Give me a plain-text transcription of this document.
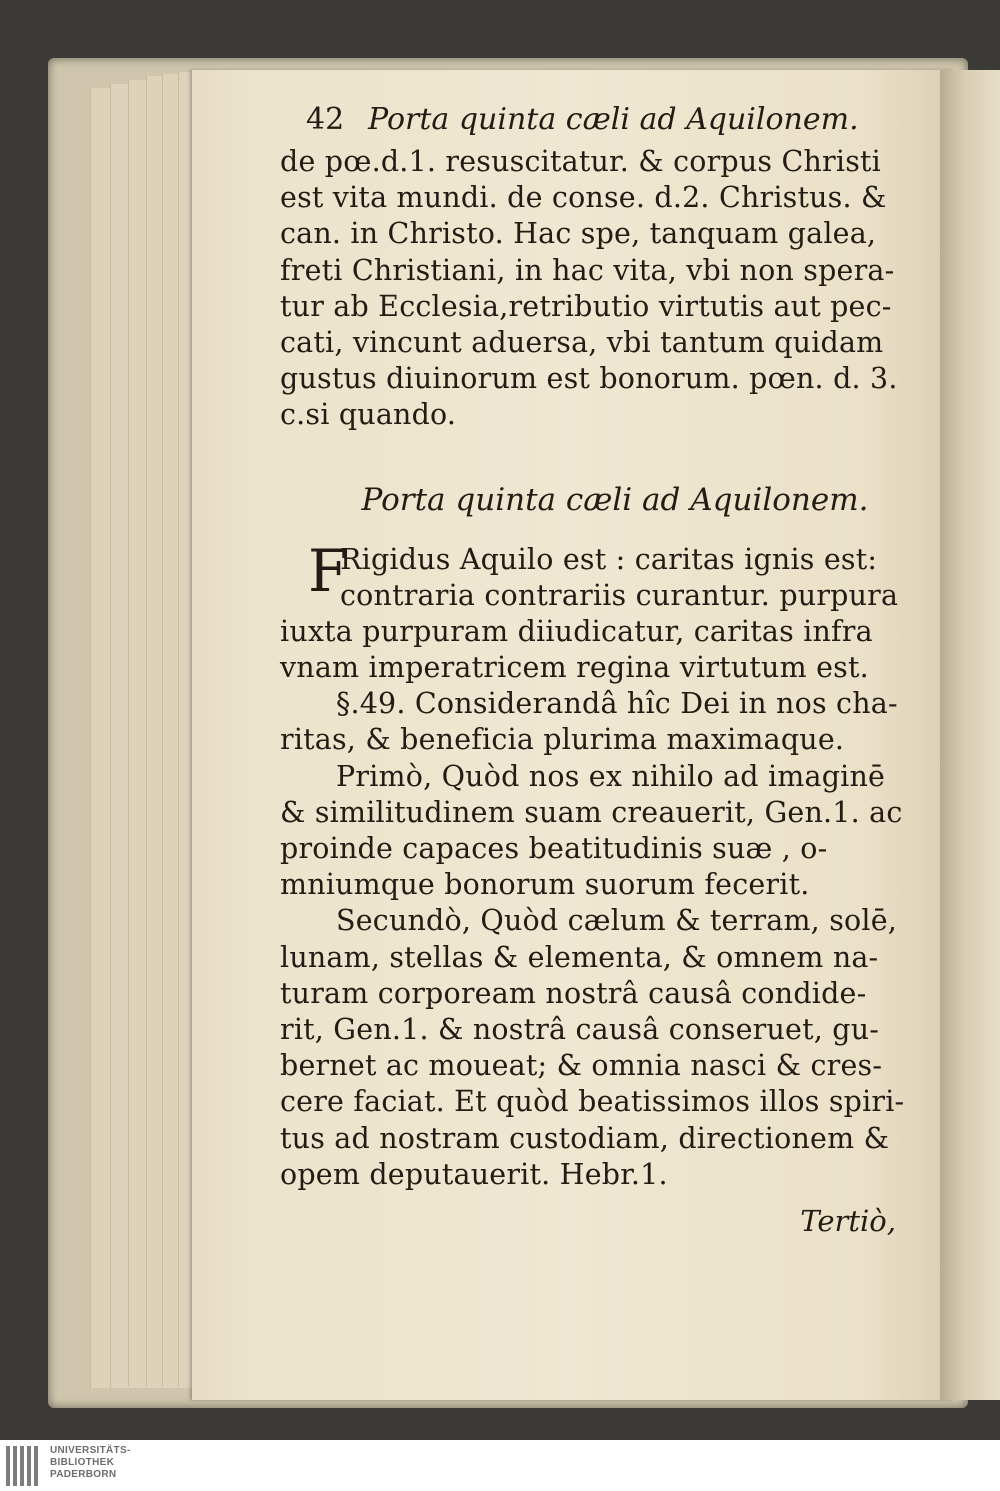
42 Porta quinta cæli ad Aquilonem.
de pœ.d.1. resuscitatur. & corpus Christi
est vita mundi. de conse. d.2. Christus. &
can. in Christo. Hac spe, tanquam galea,
freti Christiani, in hac vita, vbi non spera-
tur ab Ecclesia,retributio virtutis aut pec-
cati, vincunt aduersa, vbi tantum quidam
gustus diuinorum est bonorum. pœn. d. 3.
c.si quando.
Porta quinta cæli ad Aquilonem.
F
Rigidus Aquilo est : caritas ignis est:
contraria contrariis curantur. purpura
iuxta purpuram diiudicatur, caritas infra
vnam imperatricem regina virtutum est.
§.49. Considerandâ hîc Dei in nos cha-
ritas, & beneficia plurima maximaque.
Primò, Quòd nos ex nihilo ad imaginē
& similitudinem suam creauerit, Gen.1. ac
proinde capaces beatitudinis suæ , o-
mniumque bonorum suorum fecerit.
Secundò, Quòd cælum & terram, solē,
lunam, stellas & elementa, & omnem na-
turam corpoream nostrâ causâ condide-
rit, Gen.1. & nostrâ causâ conseruet, gu-
bernet ac moueat; & omnia nasci & cres-
cere faciat. Et quòd beatissimos illos spiri-
tus ad nostram custodiam, directionem &
opem deputauerit. Hebr.1.
Tertiò,
UNIVERSITÄTS-
BIBLIOTHEK
PADERBORN
